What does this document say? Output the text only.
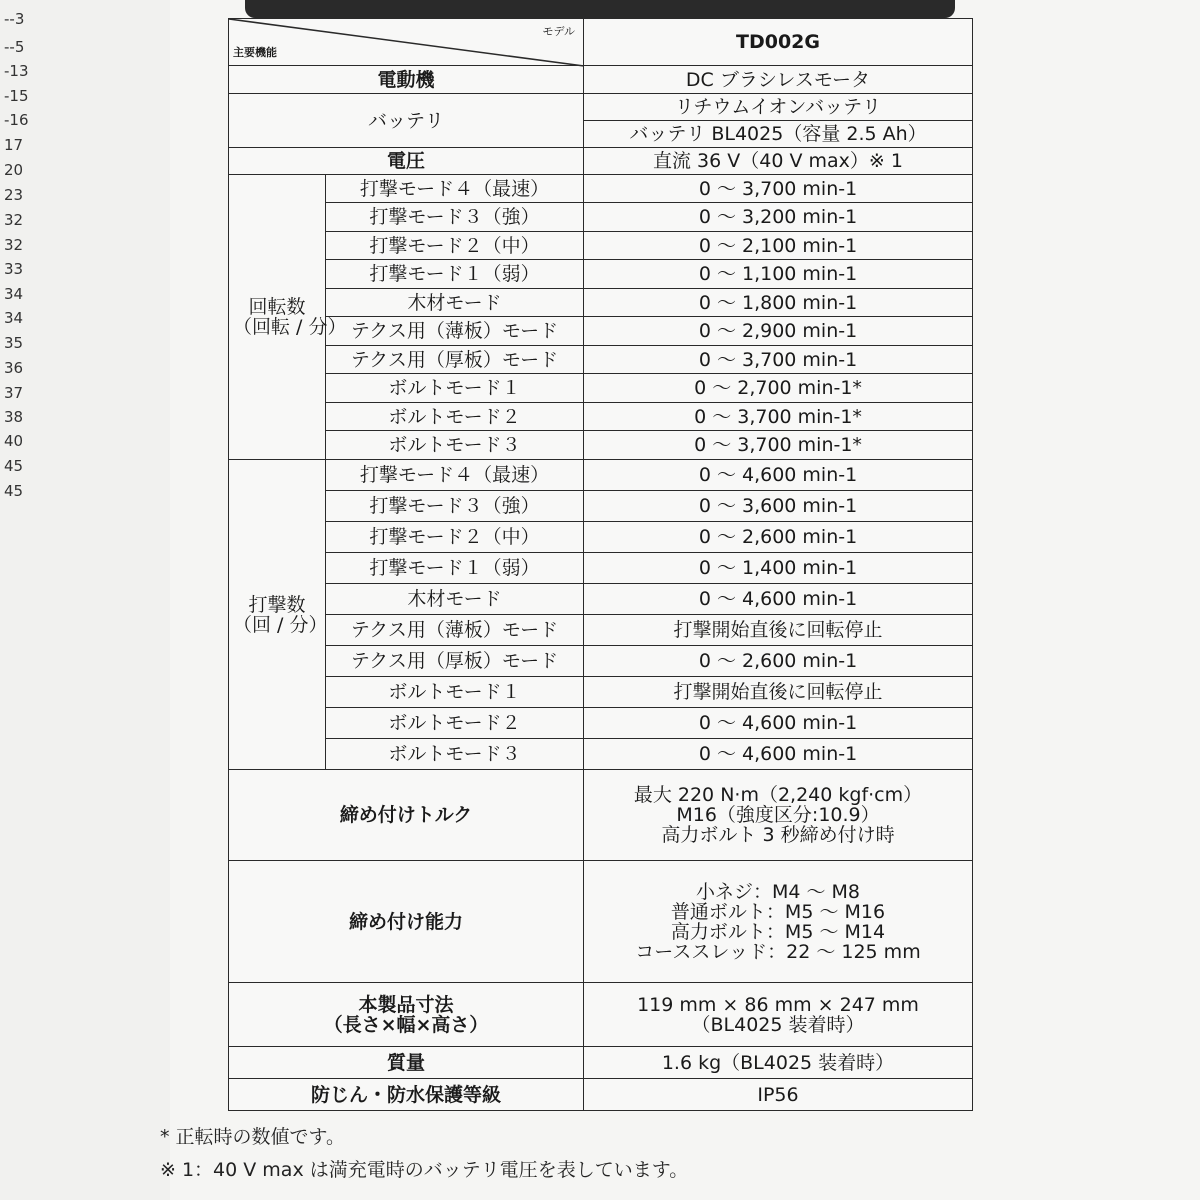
--3
--5
-13
-15
-16
17
20
23
32
32
33
34
34
35
36
37
38
40
45
45
モデル
主要機能		TD002G
電動機		DC ブラシレスモータ
バッテリ		リチウムイオンバッテリ
		バッテリ BL4025（容量 2.5 Ah）
電圧		直流 36 V（40 V max）※ 1

回転数
（回転 / 分）	打撃モード４（最速）	0 ～ 3,700 min-1
	打撃モード３（強）	0 ～ 3,200 min-1
	打撃モード２（中）	0 ～ 2,100 min-1
	打撃モード１（弱）	0 ～ 1,100 min-1
	木材モード	0 ～ 1,800 min-1
	テクス用（薄板）モード	0 ～ 2,900 min-1
	テクス用（厚板）モード	0 ～ 3,700 min-1
	ボルトモード１	0 ～ 2,700 min-1*
	ボルトモード２	0 ～ 3,700 min-1*
	ボルトモード３	0 ～ 3,700 min-1*

打撃数
（回 / 分）	打撃モード４（最速）	0 ～ 4,600 min-1
	打撃モード３（強）	0 ～ 3,600 min-1
	打撃モード２（中）	0 ～ 2,600 min-1
	打撃モード１（弱）	0 ～ 1,400 min-1
	木材モード	0 ～ 4,600 min-1
	テクス用（薄板）モード	打撃開始直後に回転停止
	テクス用（厚板）モード	0 ～ 2,600 min-1
	ボルトモード１	打撃開始直後に回転停止
	ボルトモード２	0 ～ 4,600 min-1
	ボルトモード３	0 ～ 4,600 min-1
締め付けトルク		最大 220 N·m（2,240 kgf·cm）
M16（強度区分:10.9）
高力ボルト 3 秒締め付け時

締め付け能力		小ネジ：M4 ～ M8
普通ボルト：M5 ～ M16
高力ボルト：M5 ～ M14
コーススレッド：22 ～ 125 mm

本製品寸法
（長さ×幅×高さ）		119 mm × 86 mm × 247 mm
（BL4025 装着時）

質量		1.6 kg（BL4025 装着時）
防じん・防水保護等級		IP56
* 正転時の数値です。
※ 1：40 V max は満充電時のバッテリ電圧を表しています。
